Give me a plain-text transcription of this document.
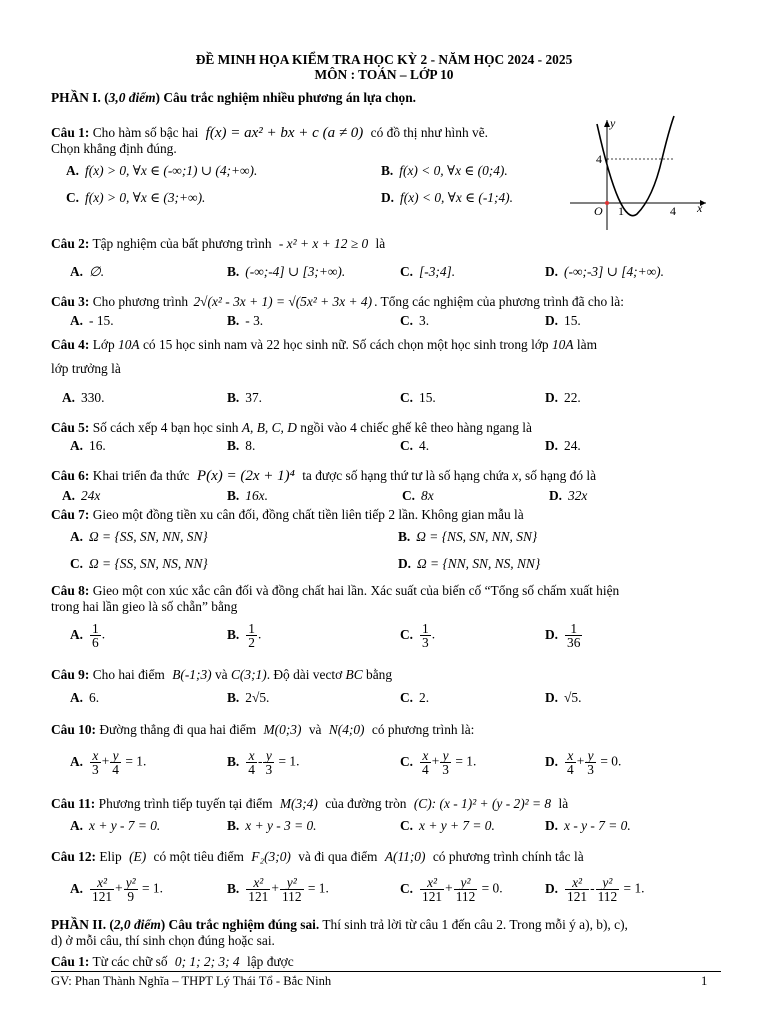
ĐỀ MINH HỌA KIỂM TRA HỌC KỲ 2 - NĂM HỌC 2024 - 2025
MÔN : TOÁN – LỚP 10
PHẦN I. (3,0 điểm) Câu trắc nghiệm nhiều phương án lựa chọn.
Câu 1: Cho hàm số bậc hai f(x) = ax² + bx + c (a ≠ 0) có đồ thị như hình vẽ.
Chọn khẳng định đúng.
A. f(x) > 0, ∀x ∈ (-∞;1) ∪ (4;+∞).	B. f(x) < 0, ∀x ∈ (0;4).
C. f(x) > 0, ∀x ∈ (3;+∞).	D. f(x) < 0, ∀x ∈ (-1;4).
y
x
O 1	4
4
Câu 2: Tập nghiệm của bất phương trình - x² + x + 12 ≥ 0 là
A. ∅.	B. (-∞;-4] ∪ [3;+∞).	C. [-3;4].	D. (-∞;-3] ∪ [4;+∞).
Câu 3: Cho phương trình 2√(x² - 3x + 1) = √(5x² + 3x + 4) . Tổng các nghiệm của phương trình đã cho là:
A. - 15.	B. - 3.	C. 3.	D. 15.
Câu 4: Lớp 10A có 15 học sinh nam và 22 học sinh nữ. Số cách chọn một học sinh trong lớp 10A làm
lớp trưởng là
A. 330.	B. 37.	C. 15.	D. 22.
Câu 5: Số cách xếp 4 bạn học sinh A, B, C, D ngồi vào 4 chiếc ghế kê theo hàng ngang là
A. 16.	B. 8.	C. 4.	D. 24.
Câu 6: Khai triển đa thức P(x) = (2x + 1)⁴ ta được số hạng thứ tư là số hạng chứa x, số hạng đó là
A. 24x	B. 16x.	C. 8x	D. 32x
Câu 7: Gieo một đồng tiền xu cân đối, đồng chất tiền liên tiếp 2 lần. Không gian mẫu là
A. Ω = {SS, SN, NN, SN}	B. Ω = {NS, SN, NN, SN}
C. Ω = {SS, SN, NS, NN}	D. Ω = {NN, SN, NS, NN}
Câu 8: Gieo một con xúc xắc cân đối và đồng chất hai lần. Xác suất của biến cố “Tổng số chấm xuất hiện
trong hai lần gieo là số chẵn” bằng
A. $\frac{1}{6}$ .	B. $\frac{1}{2}$ .	C. $\frac{1}{3}$ .	D. $\frac{1}{36}$
Câu 9: Cho hai điểm B(-1;3) và C(3;1). Độ dài vectơ BC bằng
A. 6.	B. 2√5.	C. 2.	D. √5.
Câu 10: Đường thẳng đi qua hai điểm M(0;3) và N(4;0) có phương trình là:
A. $\frac{x}{3} + \frac{y}{4} = 1$.	B. $\frac{x}{4} - \frac{y}{3} = 1$.	C. $\frac{x}{4} + \frac{y}{3} = 1$.	D. $\frac{x}{4} + \frac{y}{3} = 0$.
Câu 11: Phương trình tiếp tuyến tại điểm M(3;4) của đường tròn (C): (x - 1)² + (y - 2)² = 8 là
A. x + y - 7 = 0.	B. x + y - 3 = 0.	C. x + y + 7 = 0.	D. x - y - 7 = 0.
Câu 12: Elip (E) có một tiêu điểm F₂(3;0) và đi qua điểm A(11;0) có phương trình chính tắc là
A. $\frac{\text{x²}}{121} + \frac{\text{y²}}{9} = 1$.	B. $\frac{\text{x²}}{121} + \frac{\text{y²}}{112} = 1$.	C. $\frac{\text{x²}}{121} + \frac{\text{y²}}{112} = 0$.	D. $\frac{\text{x²}}{121} - \frac{\text{y²}}{112} = 1$.
PHẦN II. (2,0 điểm) Câu trắc nghiệm đúng sai. Thí sinh trả lời từ câu 1 đến câu 2. Trong mỗi ý a), b), c),
d) ở mỗi câu, thí sinh chọn đúng hoặc sai.
Câu 1: Từ các chữ số 0; 1; 2; 3; 4 lập được
GV: Phan Thành Nghĩa – THPT Lý Thái Tổ - Bắc Ninh	1
